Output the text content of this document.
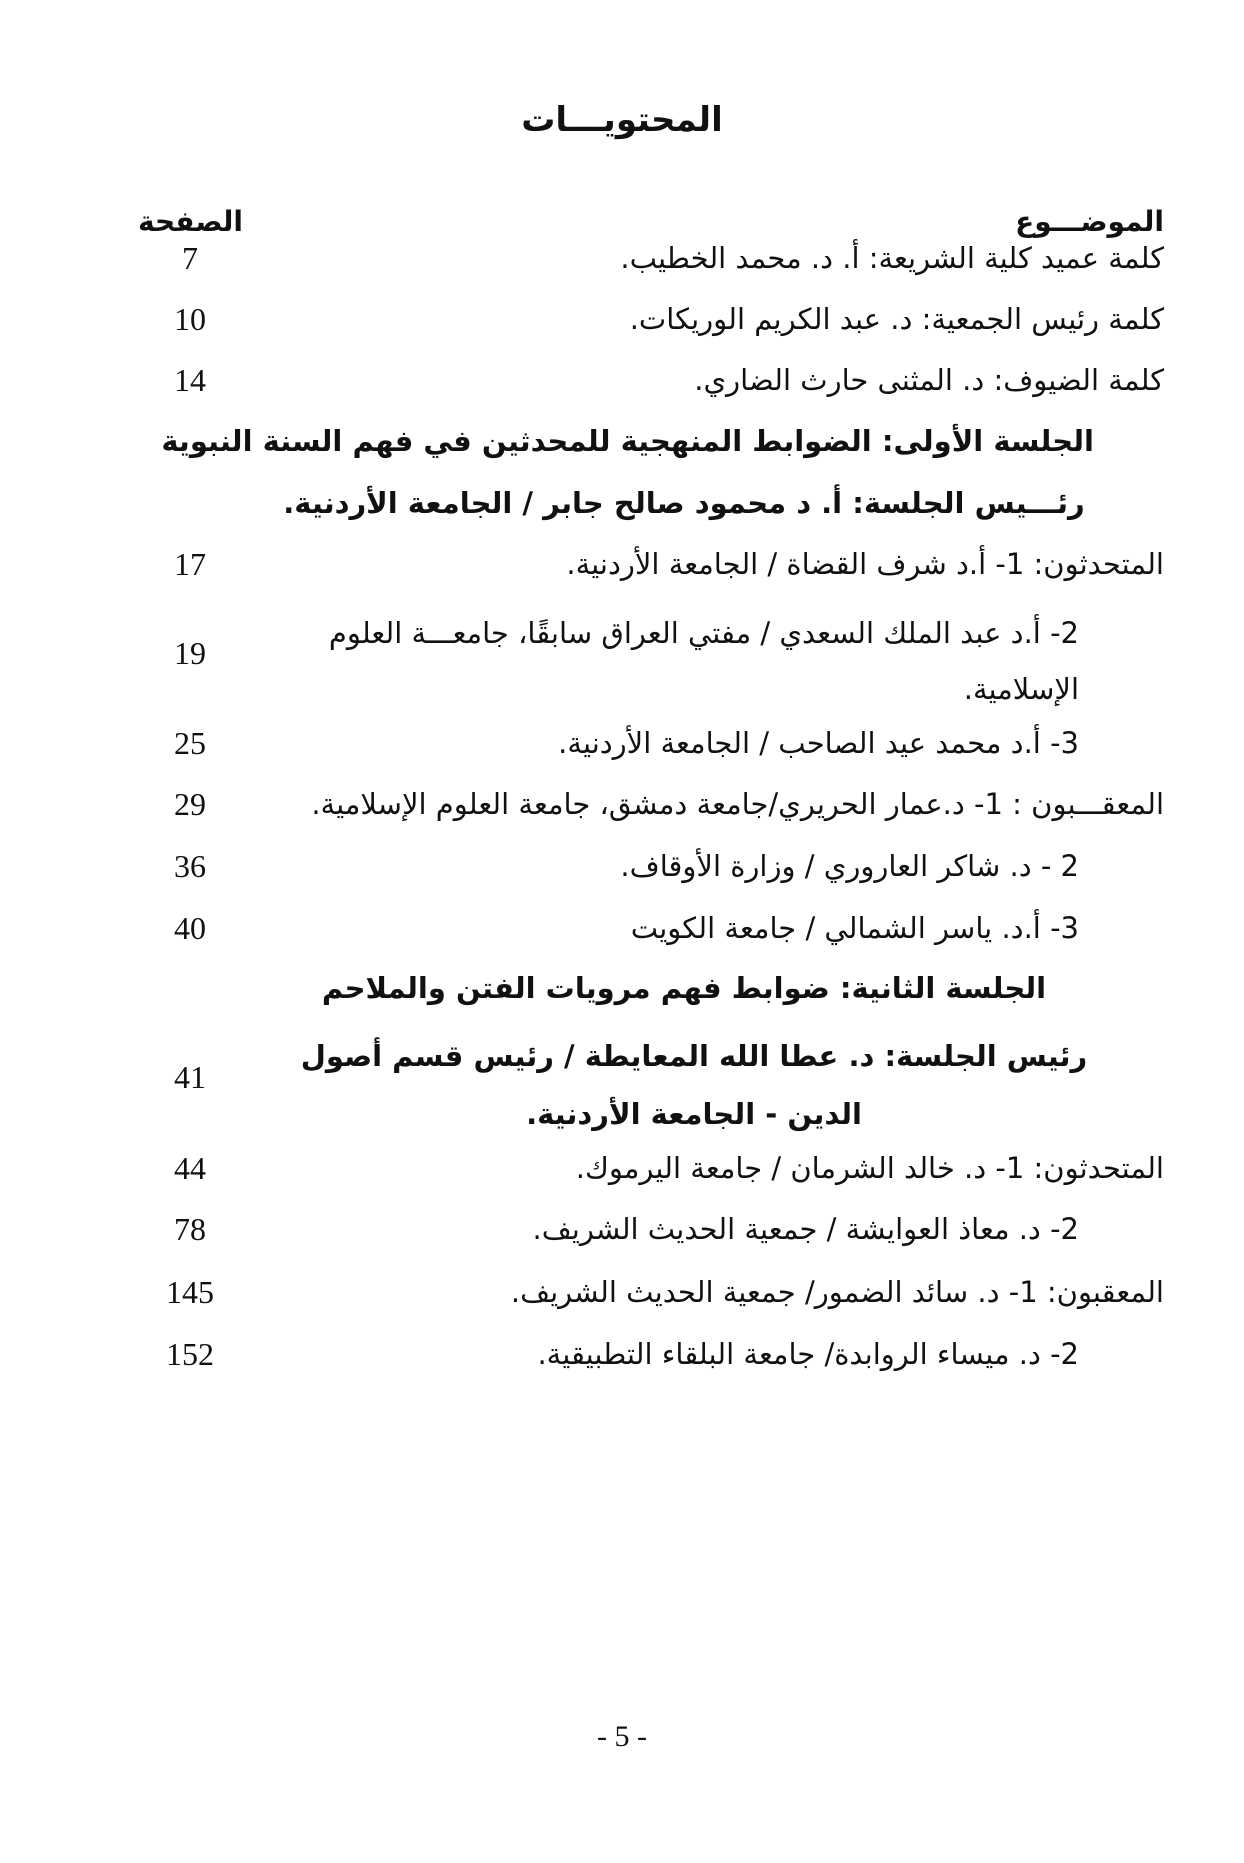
المحتويـــات
الموضـــوع
الصفحة
كلمة عميد كلية الشريعة: أ. د. محمد الخطيب.
7
كلمة رئيس الجمعية: د. عبد الكريم الوريكات.
10
كلمة الضيوف: د. المثنى حارث الضاري.
14
الجلسة الأولى: الضوابط المنهجية للمحدثين في فهم السنة النبوية
رئـــيس الجلسة: أ. د محمود صالح جابر / الجامعة الأردنية.
المتحدثون: 1- أ.د شرف القضاة / الجامعة الأردنية.
17
2- أ.د عبد الملك السعدي / مفتي العراق سابقًا، جامعـــة العلوم الإسلامية.
19
3- أ.د محمد عيد الصاحب / الجامعة الأردنية.
25
المعقـــبون : 1- د.عمار الحريري/جامعة دمشق، جامعة العلوم الإسلامية.
29
2 - د. شاكر العاروري / وزارة الأوقاف.
36
3- أ.د. ياسر الشمالي / جامعة الكويت
40
الجلسة الثانية: ضوابط فهم مرويات الفتن والملاحم
رئيس الجلسة: د. عطا الله المعايطة / رئيس قسم أصول الدين - الجامعة الأردنية.
41
المتحدثون: 1- د. خالد الشرمان / جامعة اليرموك.
44
2- د. معاذ العوايشة / جمعية الحديث الشريف.
78
المعقبون: 1- د. سائد الضمور/ جمعية الحديث الشريف.
145
2- د. ميساء الروابدة/ جامعة البلقاء التطبيقية.
152
- 5 -
